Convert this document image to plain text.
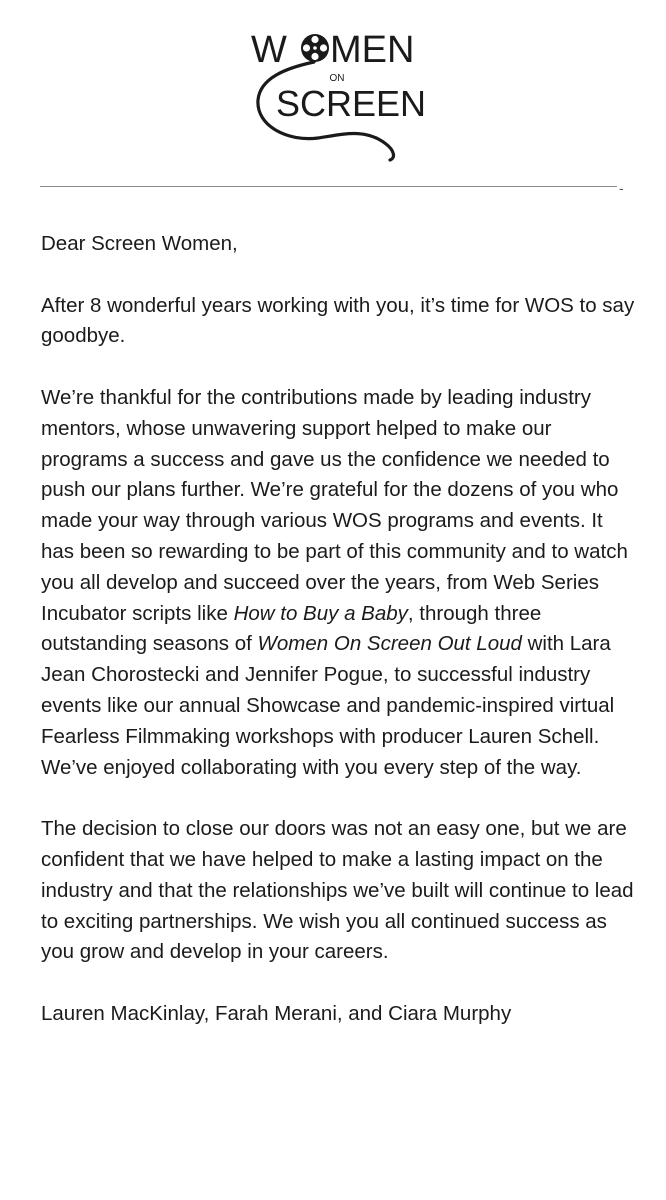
W MEN
ON
SCREEN
-

Dear Screen Women,

After 8 wonderful years working with you, it’s time for WOS to say goodbye.

We’re thankful for the contributions made by leading industry mentors, whose unwavering support helped to make our programs a success and gave us the confidence we needed to push our plans further. We’re grateful for the dozens of you who made your way through various WOS programs and events. It has been so rewarding to be part of this community and to watch you all develop and succeed over the years, from Web Series Incubator scripts like How to Buy a Baby, through three outstanding seasons of Women On Screen Out Loud with Lara Jean Chorostecki and Jennifer Pogue, to successful industry events like our annual Showcase and pandemic-inspired virtual Fearless Filmmaking workshops with producer Lauren Schell. We’ve enjoyed collaborating with you every step of the way.

The decision to close our doors was not an easy one, but we are confident that we have helped to make a lasting impact on the industry and that the relationships we’ve built will continue to lead to exciting partnerships. We wish you all continued success as you grow and develop in your careers.

Lauren MacKinlay, Farah Merani, and Ciara Murphy
